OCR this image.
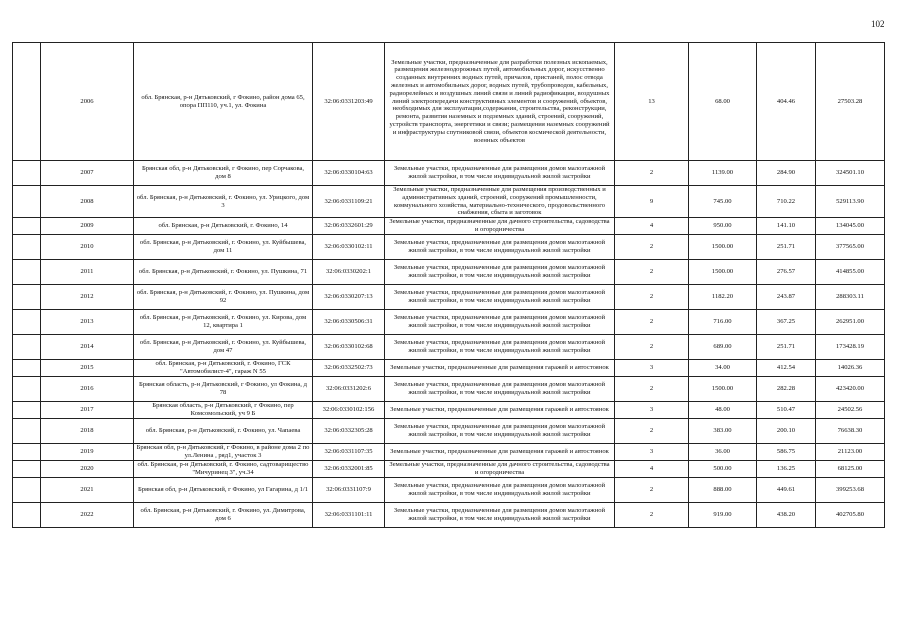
102
	2006	обл. Брянская, р-н Дятьковский, г Фокино, район дома 65, опора ПП110, уч.1, ул. Фокина	32:06:0331203:49	Земельные участки, предназначенные для разработки полезных ископаемых, размещения железнодорожных путей, автомобильных дорог, искусственно созданных внутренних водных путей, причалов, пристаней, полос отвода железных и автомобильных дорог, водных путей, трубопроводов, кабельных, радиорелейных и воздушных линий связи и линий радиофикации, воздушных линий электропередачи конструктивных элементов и сооружений, объектов, необходимых для эксплуатации,содержания, строительства, реконструкции, ремонта, развития наземных и подземных зданий, строений, сооружений, устройств транспорта, энергетики и связи; размещения наземных сооружений и инфраструктуры спутниковой связи, объектов космической деятельности, военных объектов	13	68.00	404.46	27503.28
	2007	Брянская обл, р-н Дятьковский, г Фокино, пер Сорчакова, дом 8	32:06:0330104:63	Земельные участки, предназначенные для размещения домов малоэтажной жилой застройки, в том числе индивидуальной жилой застройки	2	1139.00	284.90	324501.10
	2008	обл. Брянская, р-н Дятьковский, г. Фокино, ул. Урицкого, дом 3	32:06:0331109:21	Земельные участки, предназначенные для размещения производственных и административных зданий, строений, сооружений промышленности, коммунального хозяйства, материально-технического, продовольственного снабжения, сбыта и заготовок	9	745.00	710.22	529113.90
	2009	обл. Брянская, р-н Дятьковский, г. Фокино, 14	32:06:0332601:29	Земельные участки, предназначенные для дачного строительства, садоводства и огородничества	4	950.00	141.10	134045.00
	2010	обл. Брянская, р-н Дятьковский, г. Фокино, ул. Куйбышева, дом 11	32:06:0330102:11	Земельные участки, предназначенные для размещения домов малоэтажной жилой застройки, в том числе индивидуальной жилой застройки	2	1500.00	251.71	377565.00
	2011	обл. Брянская, р-н Дятьковский, г. Фокино, ул. Пушкина, 71	32:06:0330202:1	Земельные участки, предназначенные для размещения домов малоэтажной жилой застройки, в том числе индивидуальной жилой застройки	2	1500.00	276.57	414855.00
	2012	обл. Брянская, р-н Дятьковский, г. Фокино, ул. Пушкина, дом 92	32:06:0330207:13	Земельные участки, предназначенные для размещения домов малоэтажной жилой застройки, в том числе индивидуальной жилой застройки	2	1182.20	243.87	288303.11
	2013	обл. Брянская, р-н Дятьковский, г. Фокино, ул. Кирова, дом 12, квартира 1	32:06:0330506:31	Земельные участки, предназначенные для размещения домов малоэтажной жилой застройки, в том числе индивидуальной жилой застройки	2	716.00	367.25	262951.00
	2014	обл. Брянская, р-н Дятьковский, г. Фокино, ул. Куйбышева, дом 47	32:06:0330102:68	Земельные участки, предназначенные для размещения домов малоэтажной жилой застройки, в том числе индивидуальной жилой застройки	2	689.00	251.71	173428.19
	2015	обл. Брянская, р-н Дятьковский, г. Фокино, ГСК "Автомобилист-4", гараж N 55	32:06:0332502:73	Земельные участки, предназначенные для размещения гаражей и автостоянок	3	34.00	412.54	14026.36
	2016	Брянская область, р-н Дятьковский, г Фокино, ул Фокина, д 78	32:06:0331202:6	Земельные участки, предназначенные для размещения домов малоэтажной жилой застройки, в том числе индивидуальной жилой застройки	2	1500.00	282.28	423420.00
	2017	Брянская область, р-н Дятьковский, г Фокино, пер Комсомольский, уч 9 Б	32:06:0330102:156	Земельные участки, предназначенные для размещения гаражей и автостоянок	3	48.00	510.47	24502.56
	2018	обл. Брянская, р-н Дятьковский, г. Фокино, ул. Чапаева	32:06:0332305:28	Земельные участки, предназначенные для размещения домов малоэтажной жилой застройки, в том числе индивидуальной жилой застройки	2	383.00	200.10	76638.30
	2019	Брянская обл, р-н Дятьковский, г Фокино, в районе дома 2 по ул.Ленина , ряд1, участок 3	32:06:0331107:35	Земельные участки, предназначенные для размещения гаражей и автостоянок	3	36.00	586.75	21123.00
	2020	обл. Брянская, р-н Дятьковский, г. Фокино, садтоварищество "Мичуринец 3", уч.34	32:06:0332001:85	Земельные участки, предназначенные для дачного строительства, садоводства и огородничества	4	500.00	136.25	68125.00
	2021	Брянская обл, р-н Дятьковский, г Фокино, ул Гагарина, д 1/1	32:06:0331107:9	Земельные участки, предназначенные для размещения домов малоэтажной жилой застройки, в том числе индивидуальной жилой застройки	2	888.00	449.61	399253.68
	2022	обл. Брянская, р-н Дятьковский, г. Фокино, ул. Димитрова, дом 6	32:06:0331101:11	Земельные участки, предназначенные для размещения домов малоэтажной жилой застройки, в том числе индивидуальной жилой застройки	2	919.00	438.20	402705.80
